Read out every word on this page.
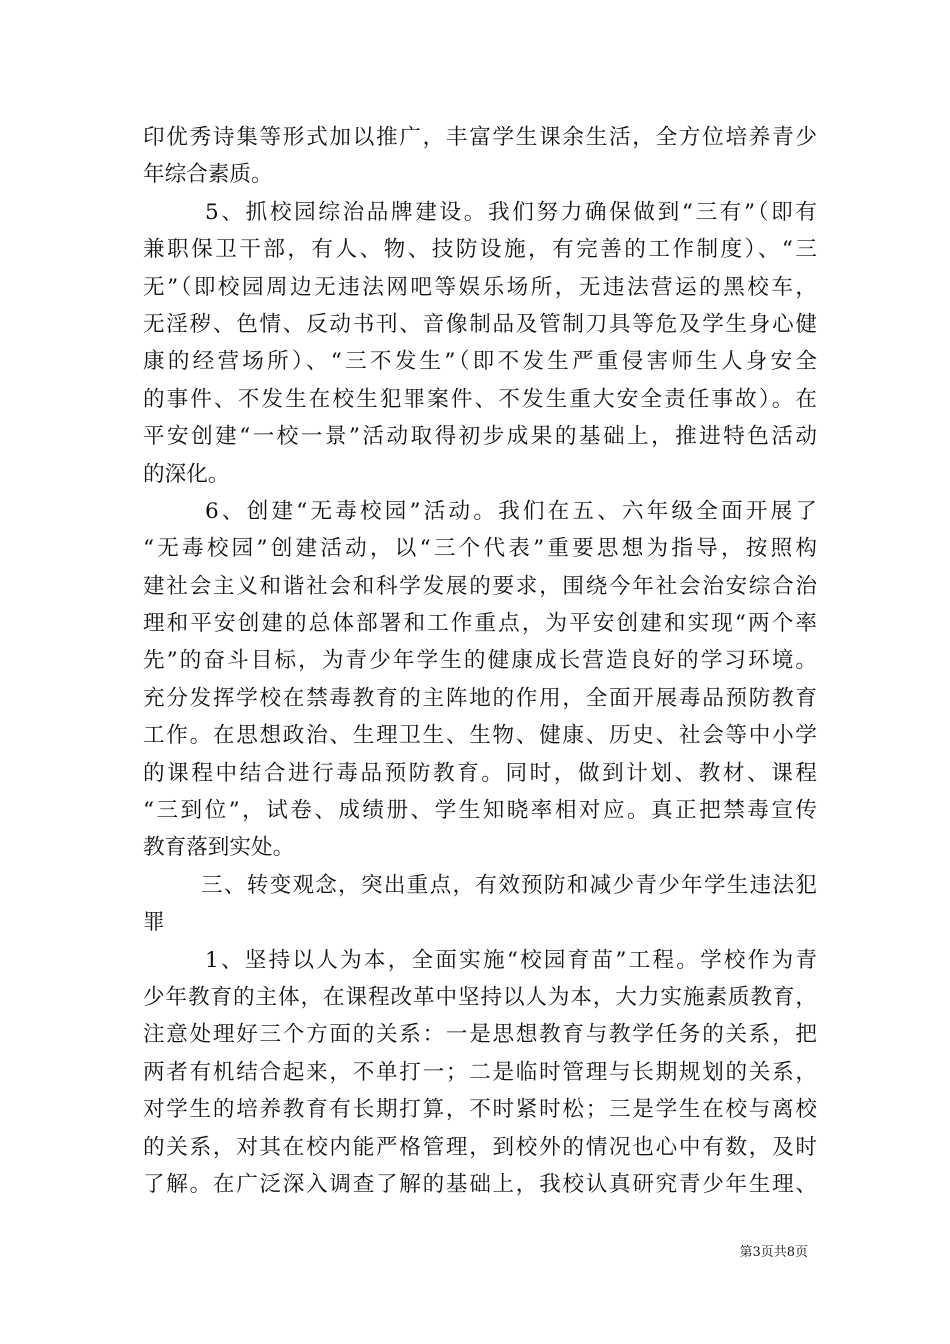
印优秀诗集等形式加以推广，丰富学生课余生活，全方位培养青少
年综合素质。
5、抓校园综治品牌建设。我们努力确保做到“三有”（即有
兼职保卫干部，有人、物、技防设施，有完善的工作制度）、“三
无”（即校园周边无违法网吧等娱乐场所，无违法营运的黑校车，
无淫秽、色情、反动书刊、音像制品及管制刀具等危及学生身心健
康的经营场所）、“三不发生”（即不发生严重侵害师生人身安全
的事件、不发生在校生犯罪案件、不发生重大安全责任事故）。在
平安创建“一校一景”活动取得初步成果的基础上，推进特色活动
的深化。
6、创建“无毒校园”活动。我们在五、六年级全面开展了
“无毒校园”创建活动，以“三个代表”重要思想为指导，按照构
建社会主义和谐社会和科学发展的要求，围绕今年社会治安综合治
理和平安创建的总体部署和工作重点，为平安创建和实现“两个率
先”的奋斗目标，为青少年学生的健康成长营造良好的学习环境。
充分发挥学校在禁毒教育的主阵地的作用，全面开展毒品预防教育
工作。在思想政治、生理卫生、生物、健康、历史、社会等中小学
的课程中结合进行毒品预防教育。同时，做到计划、教材、课程
“三到位”，试卷、成绩册、学生知晓率相对应。真正把禁毒宣传
教育落到实处。
三、转变观念，突出重点，有效预防和减少青少年学生违法犯
罪
1、坚持以人为本，全面实施“校园育苗”工程。学校作为青
少年教育的主体，在课程改革中坚持以人为本，大力实施素质教育，
注意处理好三个方面的关系：一是思想教育与教学任务的关系，把
两者有机结合起来，不单打一；二是临时管理与长期规划的关系，
对学生的培养教育有长期打算，不时紧时松；三是学生在校与离校
的关系，对其在校内能严格管理，到校外的情况也心中有数，及时
了解。在广泛深入调查了解的基础上，我校认真研究青少年生理、
第3页共8页
